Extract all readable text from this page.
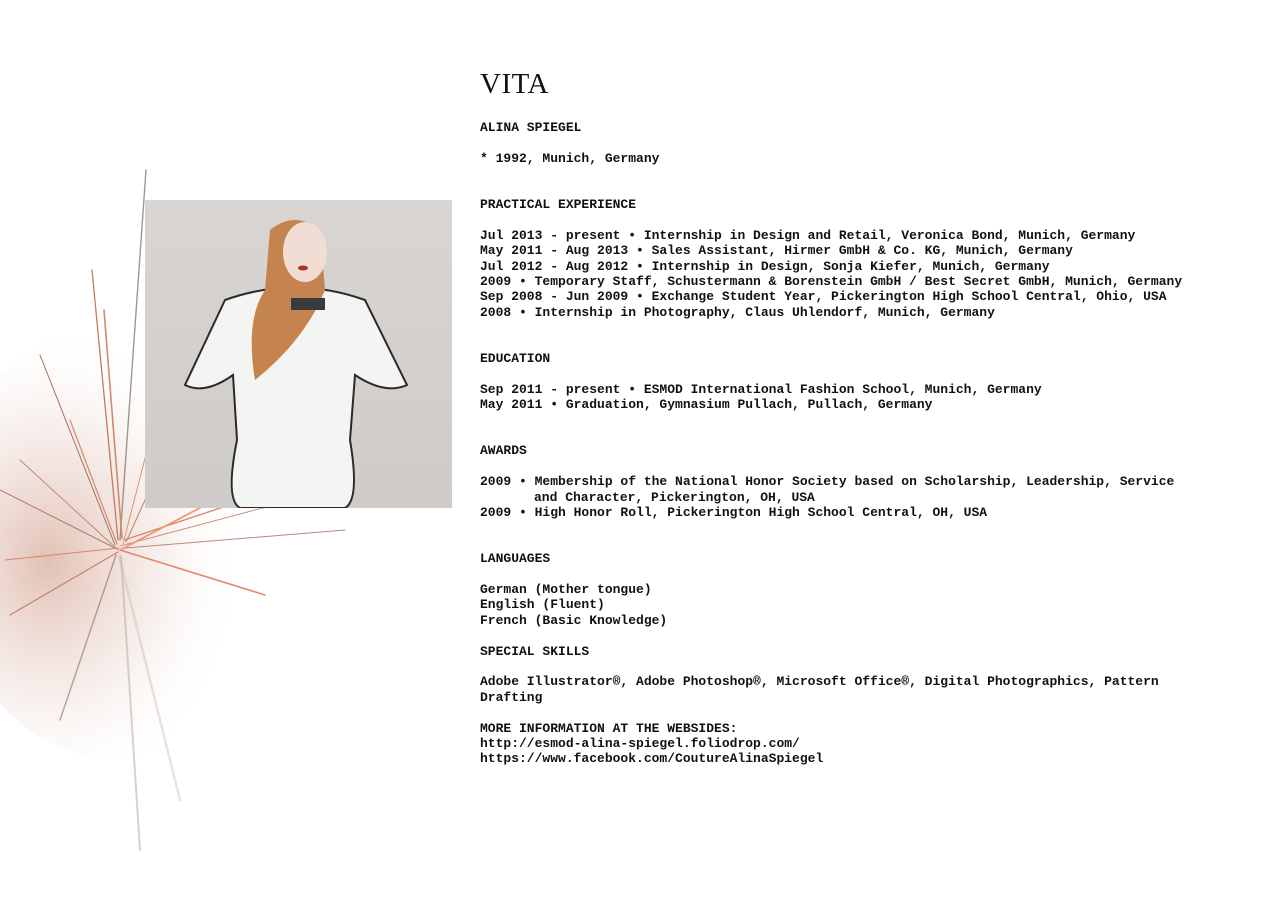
VITA

ALINA SPIEGEL

* 1992, Munich, Germany

PRACTICAL EXPERIENCE

Jul 2013 - present • Internship in Design and Retail, Veronica Bond, Munich, Germany

May 2011 - Aug 2013 • Sales Assistant, Hirmer GmbH & Co. KG, Munich, Germany

Jul 2012 - Aug 2012 • Internship in Design, Sonja Kiefer, Munich, Germany

2009 • Temporary Staff, Schustermann & Borenstein GmbH / Best Secret GmbH, Munich, Germany

Sep 2008 - Jun 2009 • Exchange Student Year, Pickerington High School Central, Ohio, USA

2008 • Internship in Photography, Claus Uhlendorf, Munich, Germany

EDUCATION

Sep 2011 - present • ESMOD International Fashion School, Munich, Germany

May 2011 • Graduation, Gymnasium Pullach, Pullach, Germany

AWARDS

2009 • Membership of the National Honor Society based on Scholarship, Leadership, Service

and Character, Pickerington, OH, USA

2009 • High Honor Roll, Pickerington High School Central, OH, USA

LANGUAGES

German (Mother tongue)

English (Fluent)

French (Basic Knowledge)

SPECIAL SKILLS

Adobe Illustrator®, Adobe Photoshop®, Microsoft Office®, Digital Photographics, Pattern Drafting

MORE INFORMATION AT THE WEBSIDES:

http://esmod-alina-spiegel.foliodrop.com/

https://www.facebook.com/CoutureAlinaSpiegel
